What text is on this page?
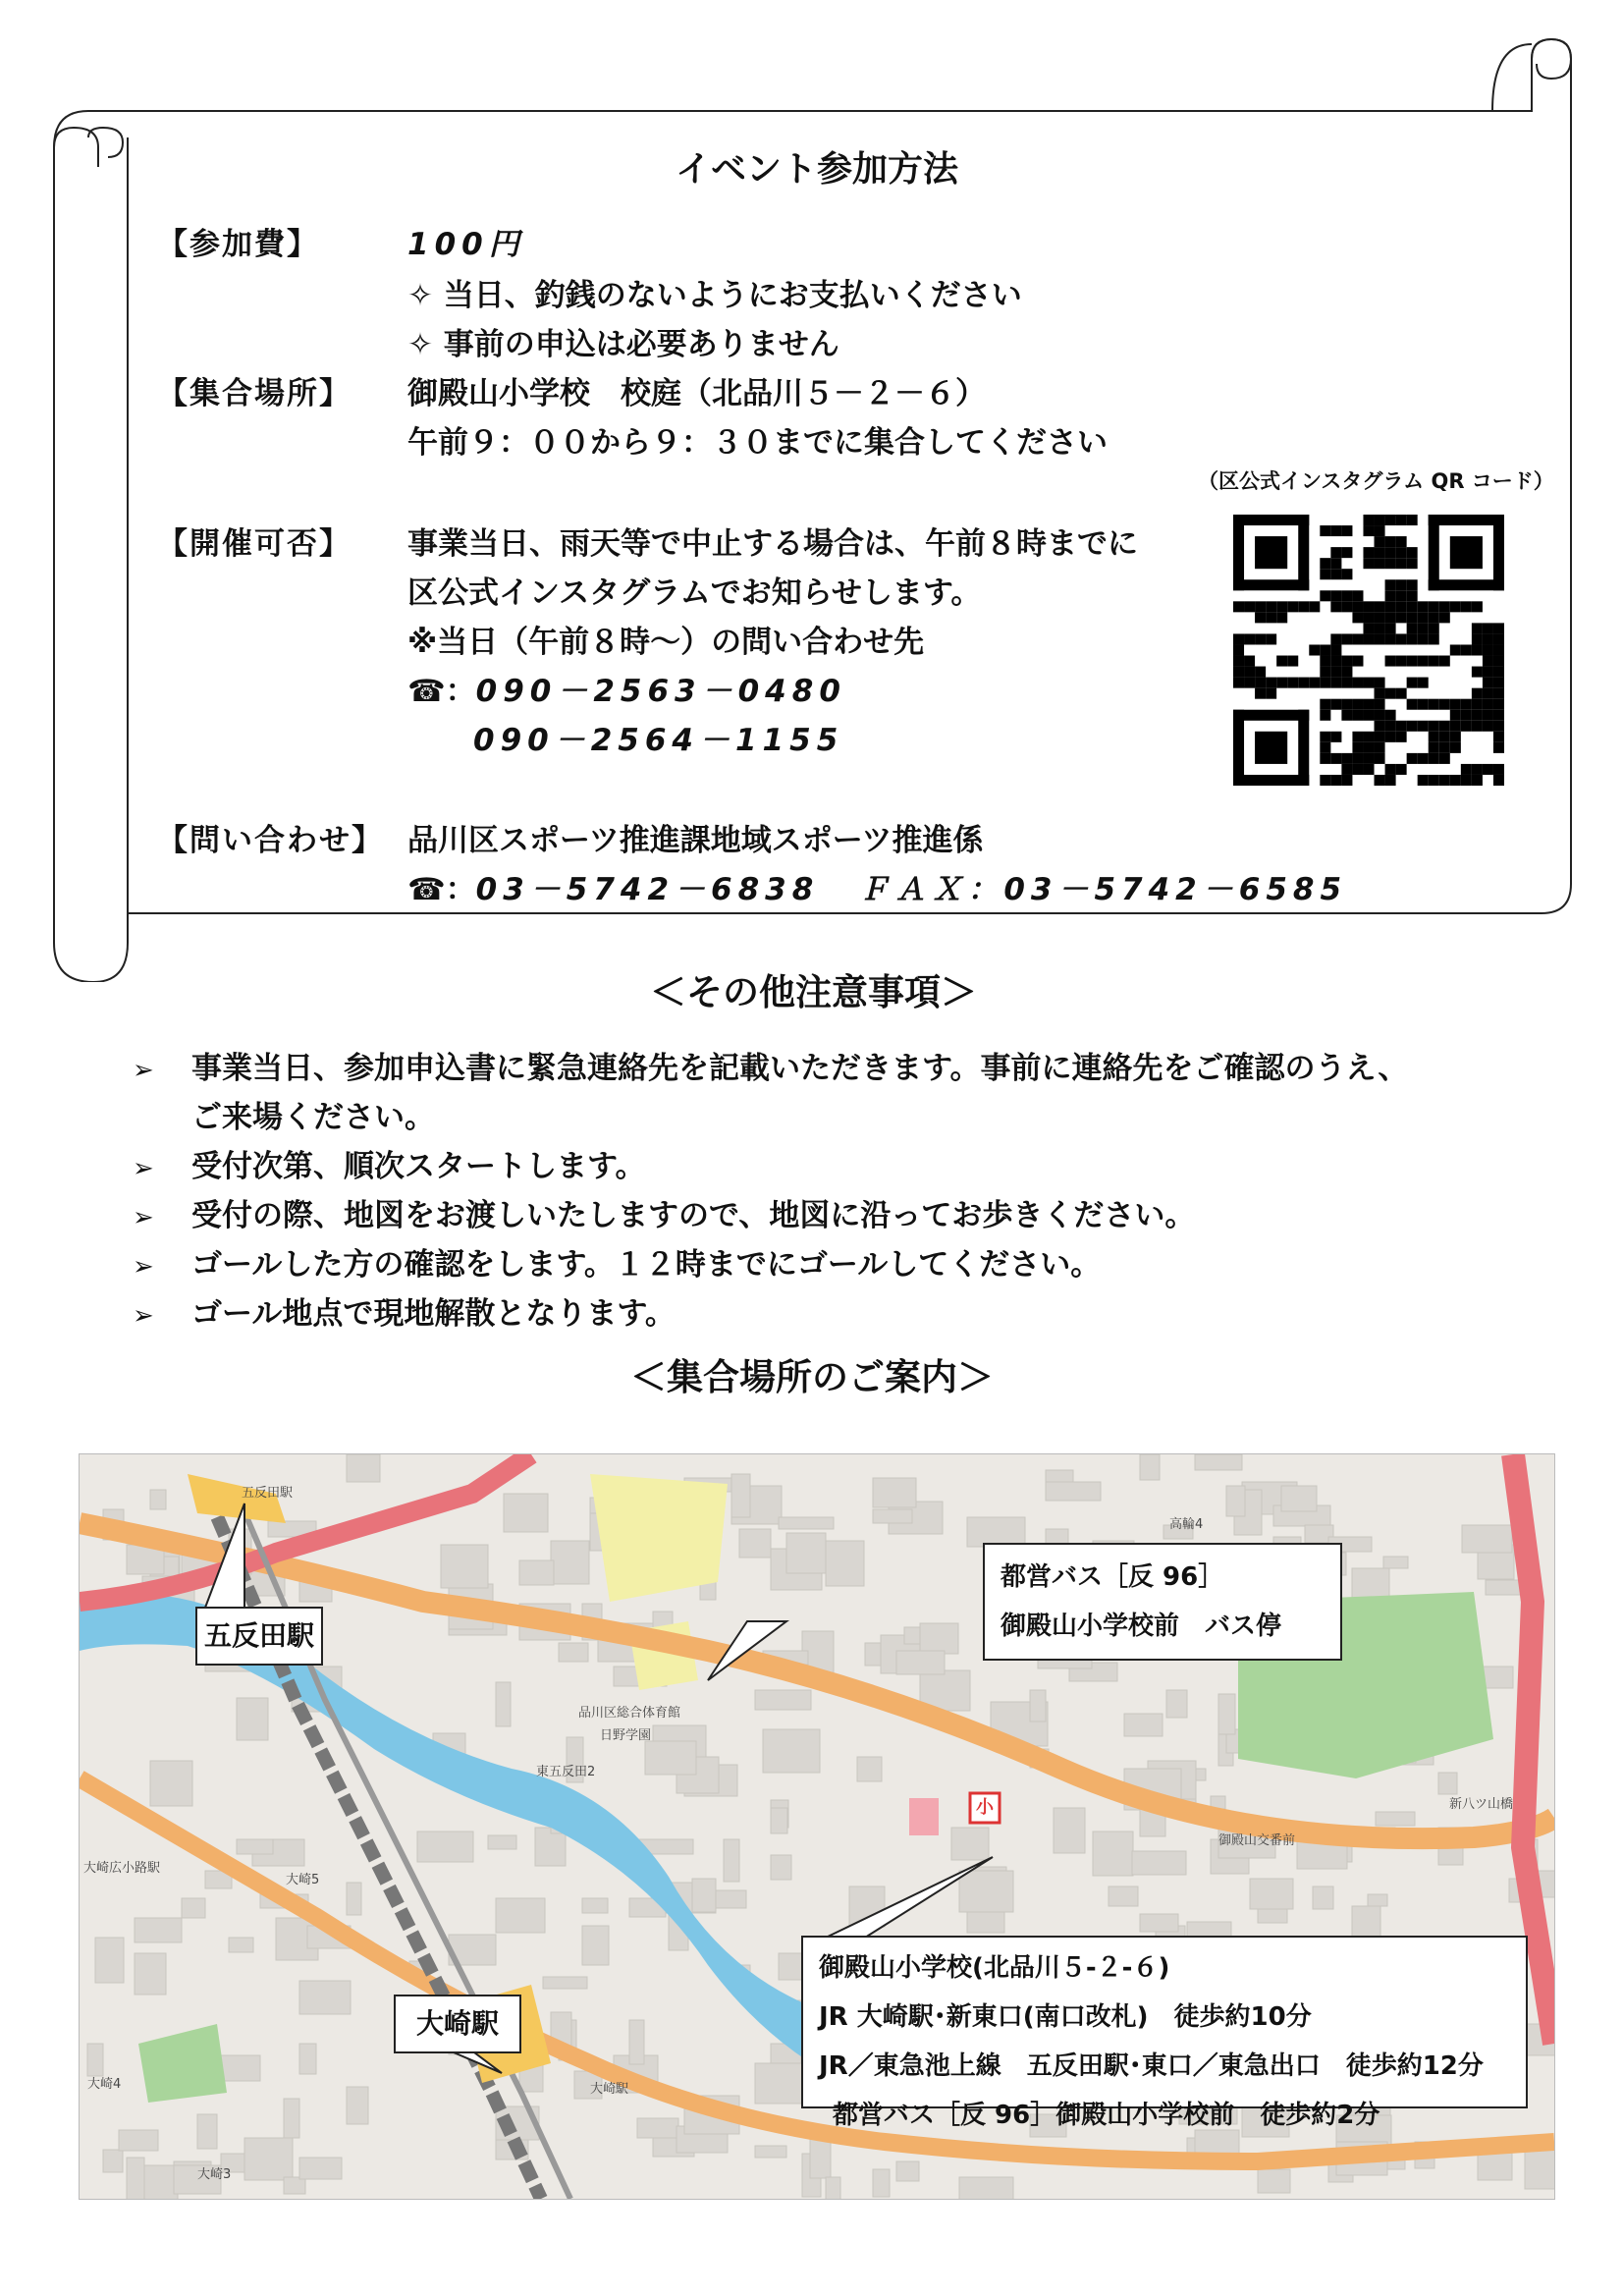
イベント参加方法
【参加費】	100円
✧ 当日、釣銭のないようにお支払いください
✧ 事前の申込は必要ありません
【集合場所】 御殿山小学校　校庭（北品川５－２－６）
午前９：００から９：３０までに集合してください
（区公式インスタグラム QR コード）
【開催可否】 事業当日、雨天等で中止する場合は、午前８時までに
区公式インスタグラムでお知らせします。
※当日（午前８時～）の問い合わせ先
☎：090－2563－0480
090－2564－1155
【問い合わせ】 品川区スポーツ推進課地域スポーツ推進係
☎：03－5742－6838 ＦＡＸ：03－5742－6585
＜その他注意事項＞
➢ 事業当日、参加申込書に緊急連絡先を記載いただきます。事前に連絡先をご確認のうえ、
ご来場ください。
➢ 受付次第、順次スタートします。
➢ 受付の際、地図をお渡しいたしますので、地図に沿ってお歩きください。
➢ ゴールした方の確認をします。１２時までにゴールしてください。
➢ ゴール地点で現地解散となります。
＜集合場所のご案内＞
小
五反田駅
高輪4
東五反田2
大崎5
大崎駅
大崎4
大崎3
御殿山交番前
品川区総合体育館
日野学園
大崎広小路駅
新八ツ山橋
五反田駅
大崎駅
都営バス［反 96］
御殿山小学校前　バス停
御殿山小学校(北品川５-２-６)
JR 大崎駅･新東口(南口改札)　徒歩約10分
JR／東急池上線　五反田駅･東口／東急出口　徒歩約12分
都営バス［反 96］御殿山小学校前　徒歩約2分
